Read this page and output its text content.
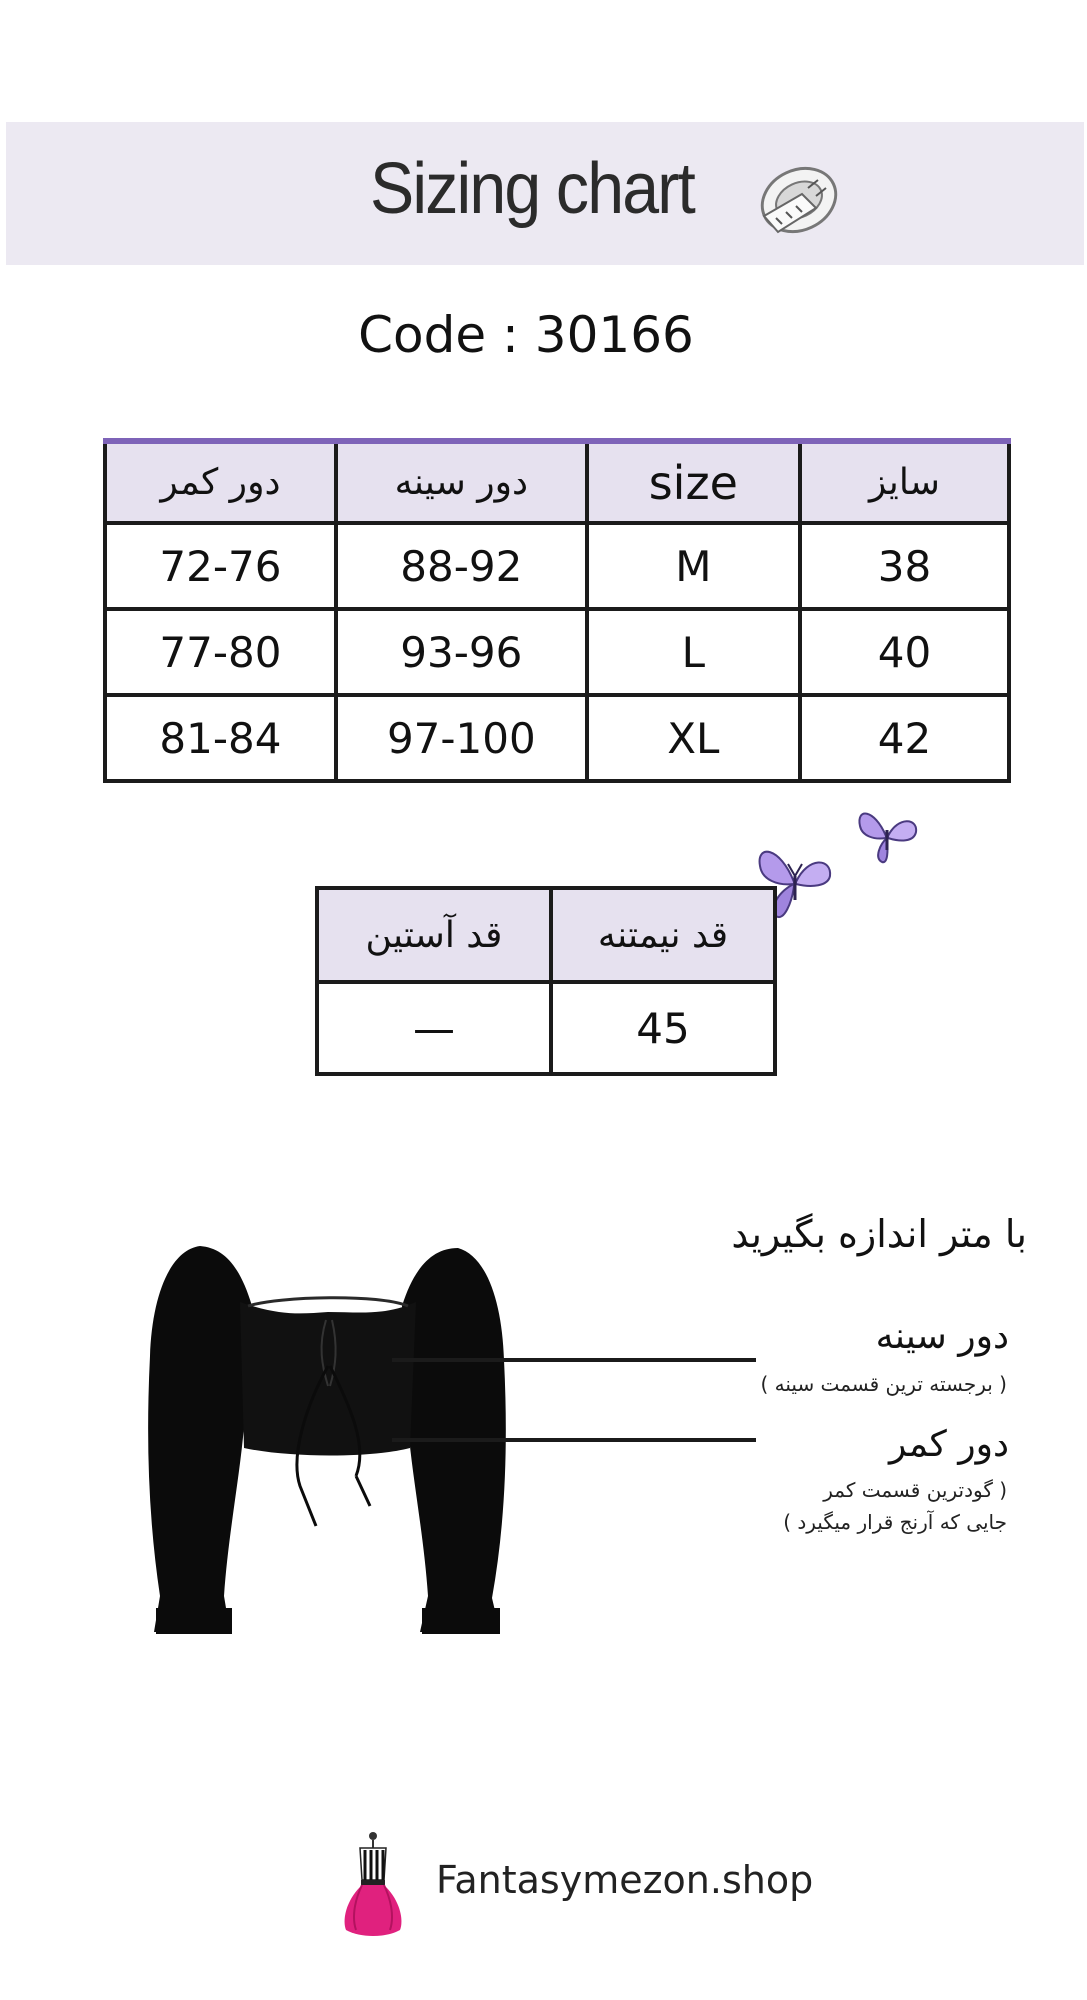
Sizing chart
Code : 30166
دور کمر	دور سینه	size	سایز
72-76	88-92	M	38
77-80	93-96	L	40
81-84	97-100	XL	42
قد آستین	قد نیمتنه
—	45
با متر اندازه بگیرید
دور سینه
( برجسته ترین قسمت سینه )
دور کمر
( گودترین قسمت کمر
جایی که آرنج قرار میگیرد )
Fantasymezon.shop
